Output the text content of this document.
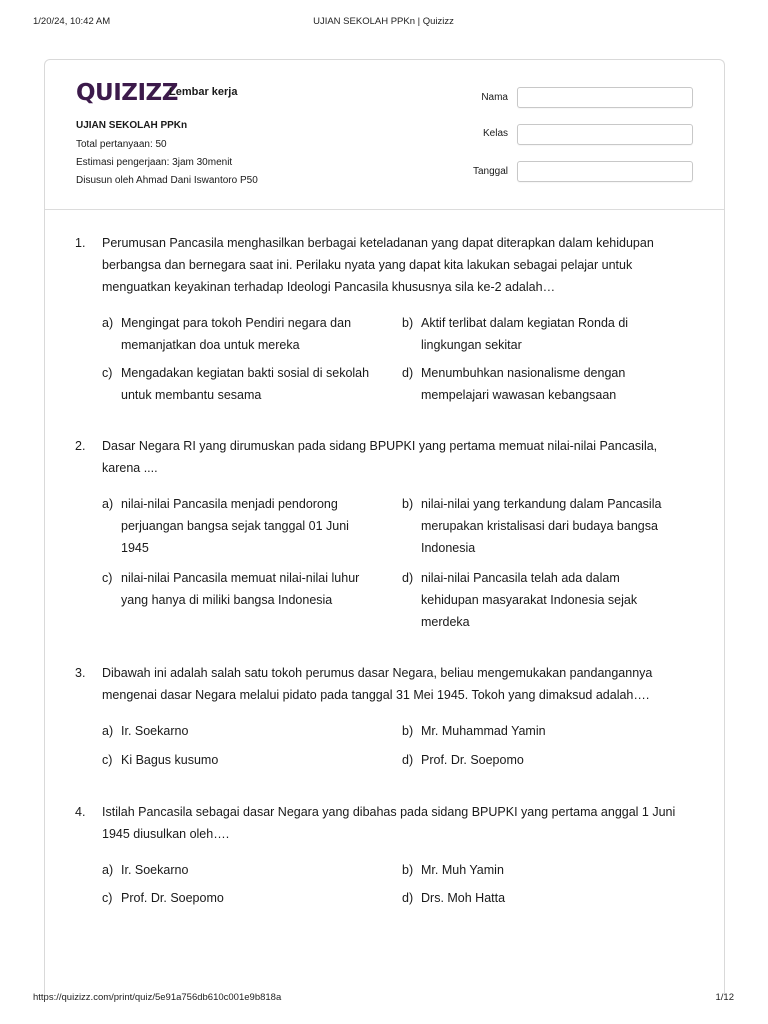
1/20/24, 10:42 AM	UJIAN SEKOLAH PPKn | Quizizz
QUIZIZZ
Lembar kerja
UJIAN SEKOLAH PPKn
Total pertanyaan: 50
Estimasi pengerjaan: 3jam 30menit
Disusun oleh Ahmad Dani Iswantoro P50
Nama
Kelas
Tanggal
1. Perumusan Pancasila menghasilkan berbagai keteladanan yang dapat diterapkan dalam kehidupan berbangsa dan bernegara saat ini. Perilaku nyata yang dapat kita lakukan sebagai pelajar untuk menguatkan keyakinan terhadap Ideologi Pancasila khususnya sila ke-2 adalah…
a) Mengingat para tokoh Pendiri negara dan memanjatkan doa untuk mereka
b) Aktif terlibat dalam kegiatan Ronda di lingkungan sekitar
c) Mengadakan kegiatan bakti sosial di sekolah untuk membantu sesama
d) Menumbuhkan nasionalisme dengan mempelajari wawasan kebangsaan
2. Dasar Negara RI yang dirumuskan pada sidang BPUPKI yang pertama memuat nilai-nilai Pancasila, karena ....
a) nilai-nilai Pancasila menjadi pendorong perjuangan bangsa sejak tanggal 01 Juni 1945
b) nilai-nilai yang terkandung dalam Pancasila merupakan kristalisasi dari budaya bangsa Indonesia
c) nilai-nilai Pancasila memuat nilai-nilai luhur yang hanya di miliki bangsa Indonesia
d) nilai-nilai Pancasila telah ada dalam kehidupan masyarakat Indonesia sejak merdeka
3. Dibawah ini adalah salah satu tokoh perumus dasar Negara, beliau mengemukakan pandangannya mengenai dasar Negara melalui pidato pada tanggal 31 Mei 1945. Tokoh yang dimaksud adalah….
a) Ir. Soekarno	b) Mr. Muhammad Yamin
c) Ki Bagus kusumo	d) Prof. Dr. Soepomo
4. Istilah Pancasila sebagai dasar Negara yang dibahas pada sidang BPUPKI yang pertama anggal 1 Juni 1945 diusulkan oleh….
a) Ir. Soekarno	b) Mr. Muh Yamin
c) Prof. Dr. Soepomo	d) Drs. Moh Hatta
https://quizizz.com/print/quiz/5e91a756db610c001e9b818a	1/12
